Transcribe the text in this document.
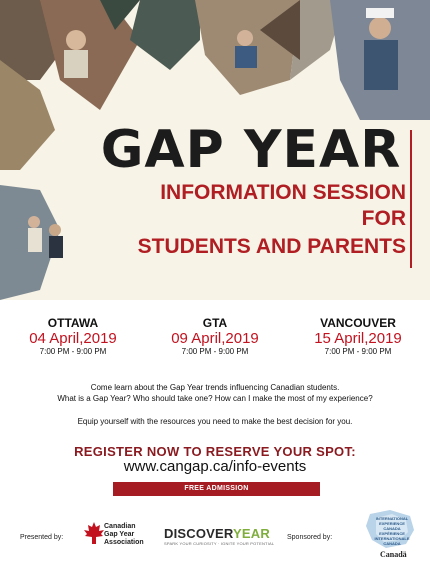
GAP YEAR
INFORMATION SESSION
FOR
STUDENTS AND PARENTS
OTTAWA
04 April,2019
7:00 PM - 9:00 PM
GTA
09 April,2019
7:00 PM - 9:00 PM
VANCOUVER
15 April,2019
7:00 PM - 9:00 PM
Come learn about the Gap Year trends influencing Canadian students.
What is a Gap Year? Who should take one? How can I make the most of my experience?
Equip yourself with the resources you need to make the best decision for you.
REGISTER NOW TO RESERVE YOUR SPOT:
www.cangap.ca/info-events
FREE ADMISSION
Presented by:
Canadian
Gap Year
Association
DISCOVERYEAR
SPARK YOUR CURIOSITY · IGNITE YOUR POTENTIAL
Sponsored by:
INTERNATIONAL
EXPERIENCE CANADA
EXPÉRIENCE
INTERNATIONALE CANADA
Canadä
